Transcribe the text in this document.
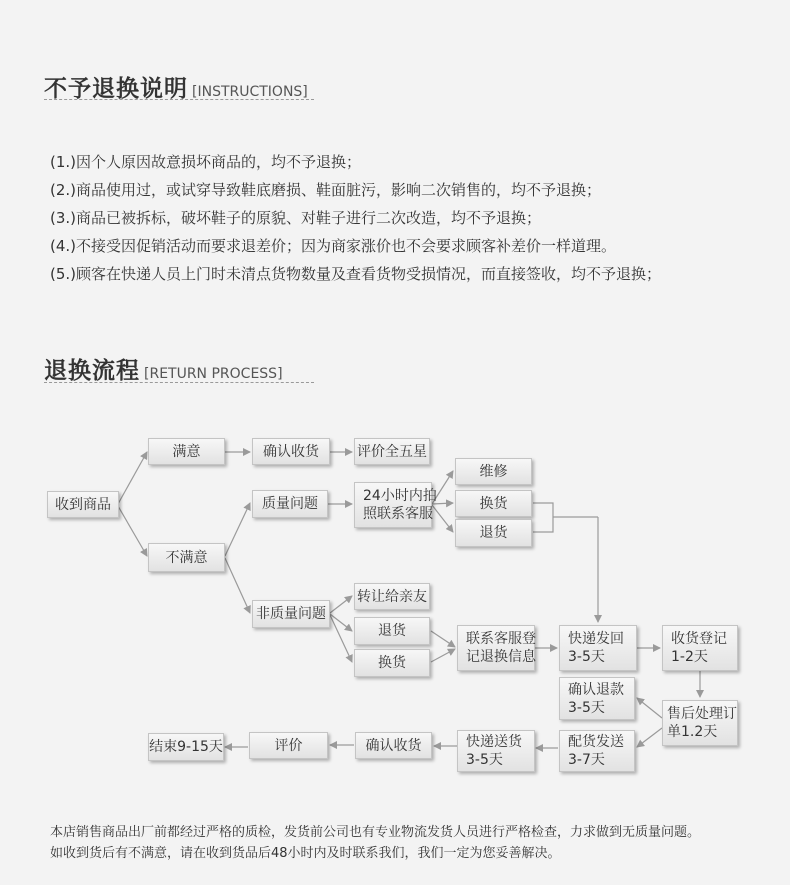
不予退换说明 [INSTRUCTIONS]
(1.)因个人原因故意损坏商品的，均不予退换；
(2.)商品使用过，或试穿导致鞋底磨损、鞋面脏污，影响二次销售的，均不予退换；
(3.)商品已被拆标，破坏鞋子的原貌、对鞋子进行二次改造，均不予退换；
(4.)不接受因促销活动而要求退差价；因为商家涨价也不会要求顾客补差价一样道理。
(5.)顾客在快递人员上门时未清点货物数量及查看货物受损情况，而直接签收，均不予退换；
退换流程 [RETURN PROCESS]
收到商品
满意	确认收货	评价全五星
不满意
质量问题	24小时内拍
照联系客服
维修
换货
退货
非质量问题
转让给亲友
退货
换货
联系客服登
记退换信息
快递发回
3-5天
收货登记
1-2天
售后处理订
单1.2天
确认退款
3-5天
配货发送
3-7天
快递送货
3-5天
确认收货
评价
结束9-15天
本店销售商品出厂前都经过严格的质检，发货前公司也有专业物流发货人员进行严格检查，力求做到无质量问题。
如收到货后有不满意，请在收到货品后48小时内及时联系我们，我们一定为您妥善解决。
